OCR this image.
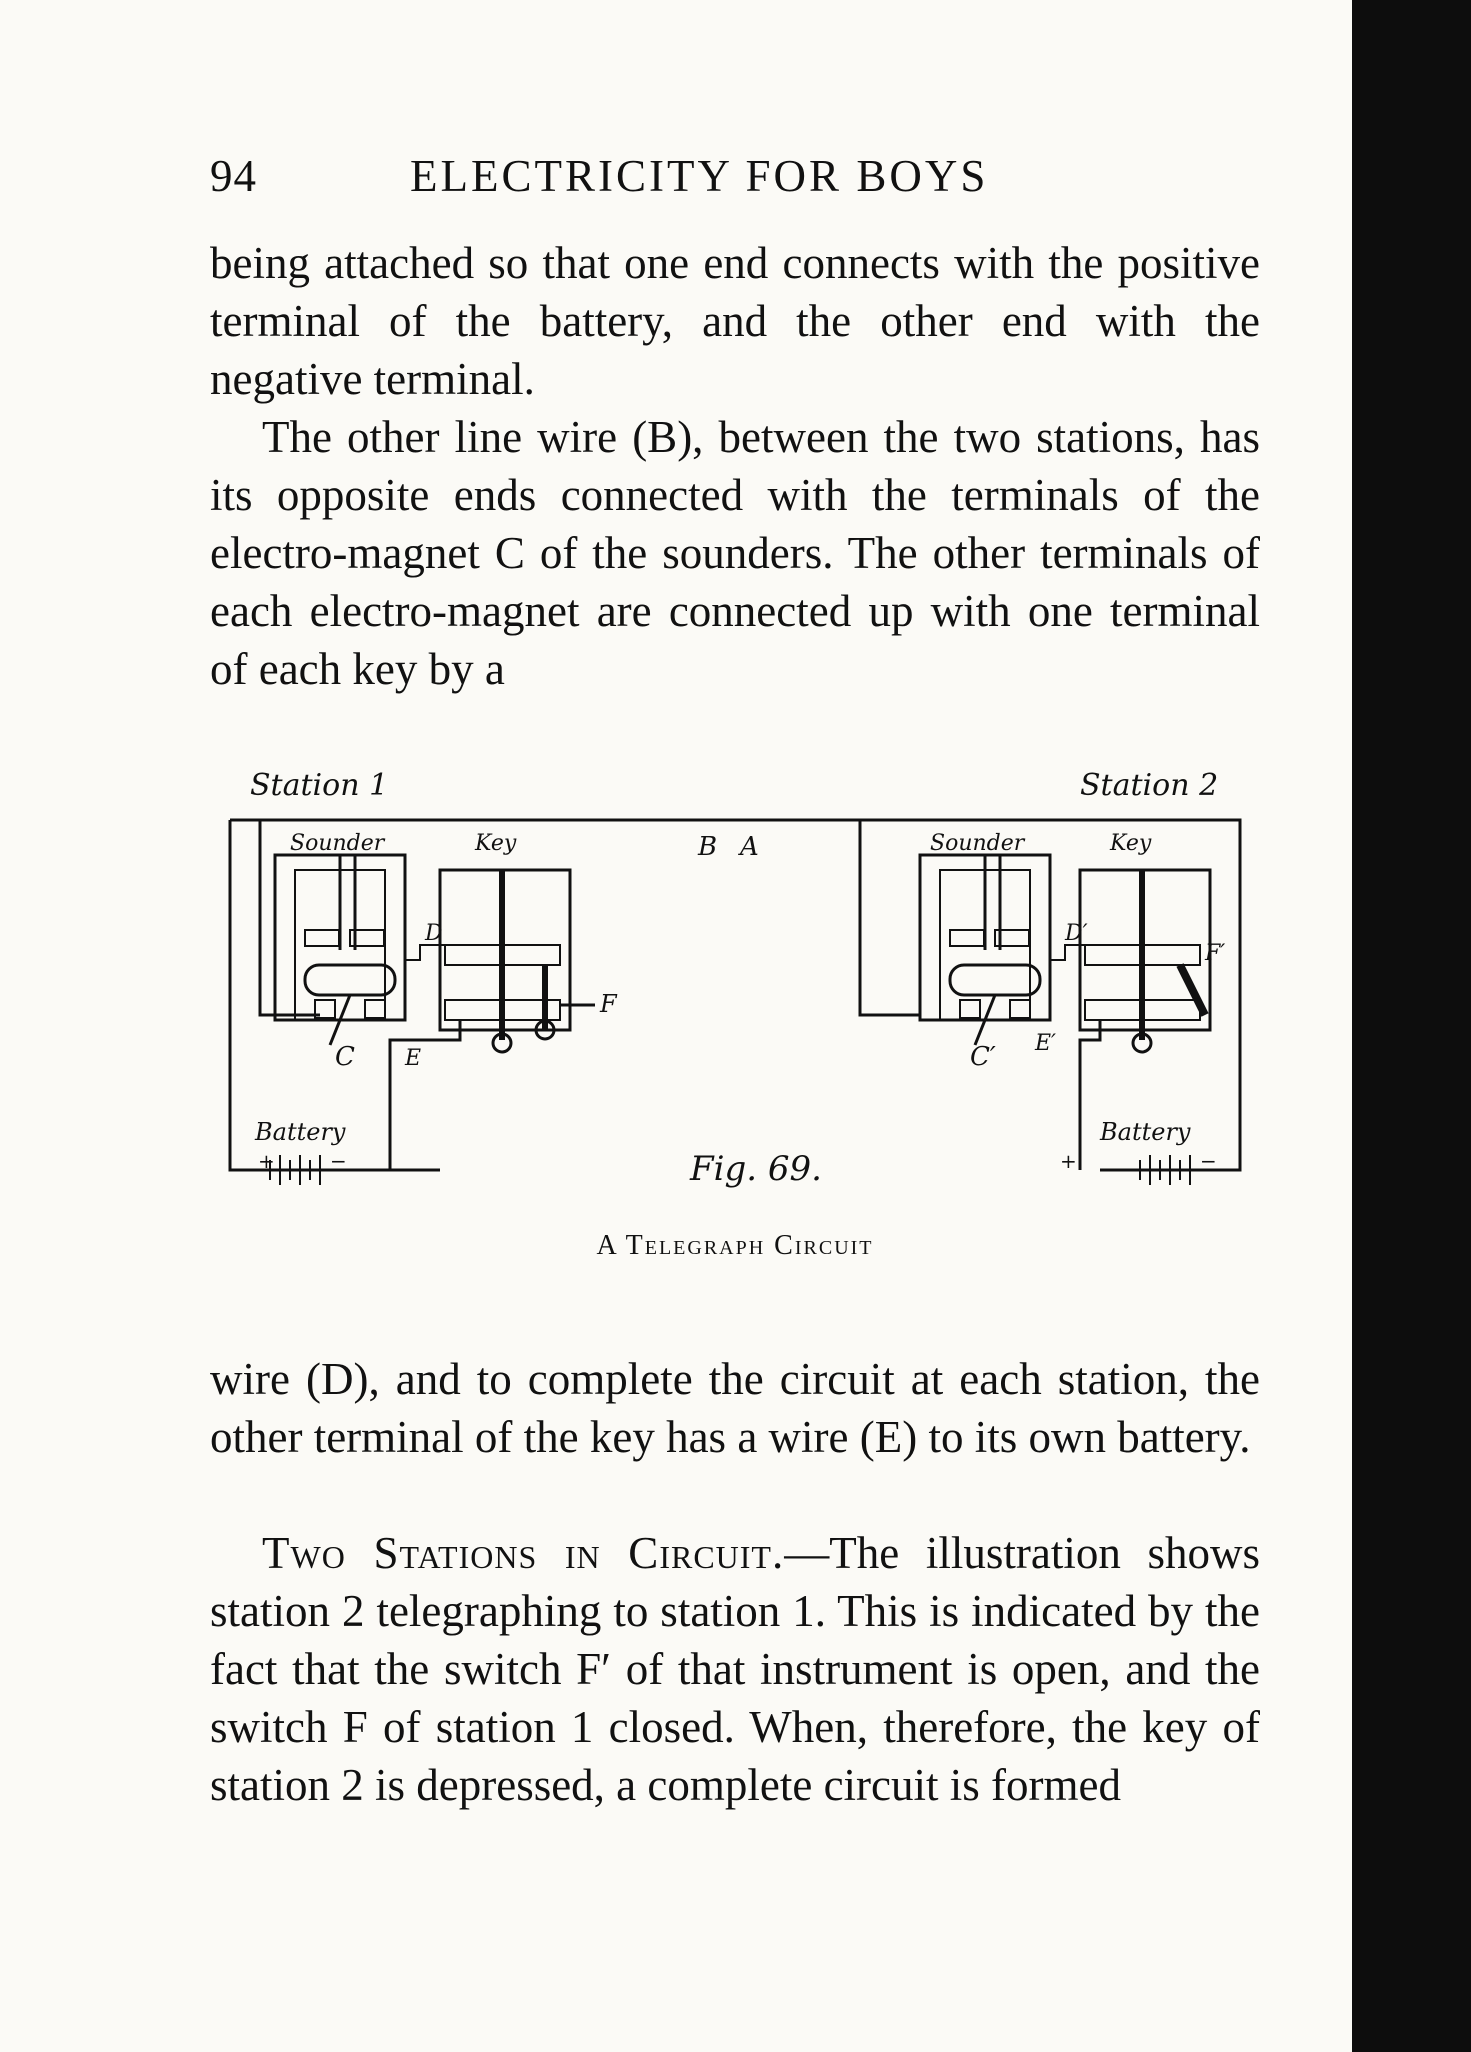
94	ELECTRICITY FOR BOYS

being attached so that one end connects with the positive terminal of the battery, and the other end with the negative terminal.

The other line wire (B), between the two stations, has its opposite ends connected with the terminals of the electro-magnet C of the sounders. The other terminals of each electro-magnet are connected up with one terminal of each key by a

Station 1	Station 2
Sounder	Key	Sounder	Key
B A
C	C′
D	D′
E
E′
F
F′
Battery	Battery
+	−	+	−
Fig. 69.
A Telegraph Circuit

wire (D), and to complete the circuit at each station, the other terminal of the key has a wire (E) to its own battery.

Two Stations in Circuit.—The illustration shows station 2 telegraphing to station 1. This is indicated by the fact that the switch F′ of that instrument is open, and the switch F of station 1 closed. When, therefore, the key of station 2 is depressed, a complete circuit is formed
